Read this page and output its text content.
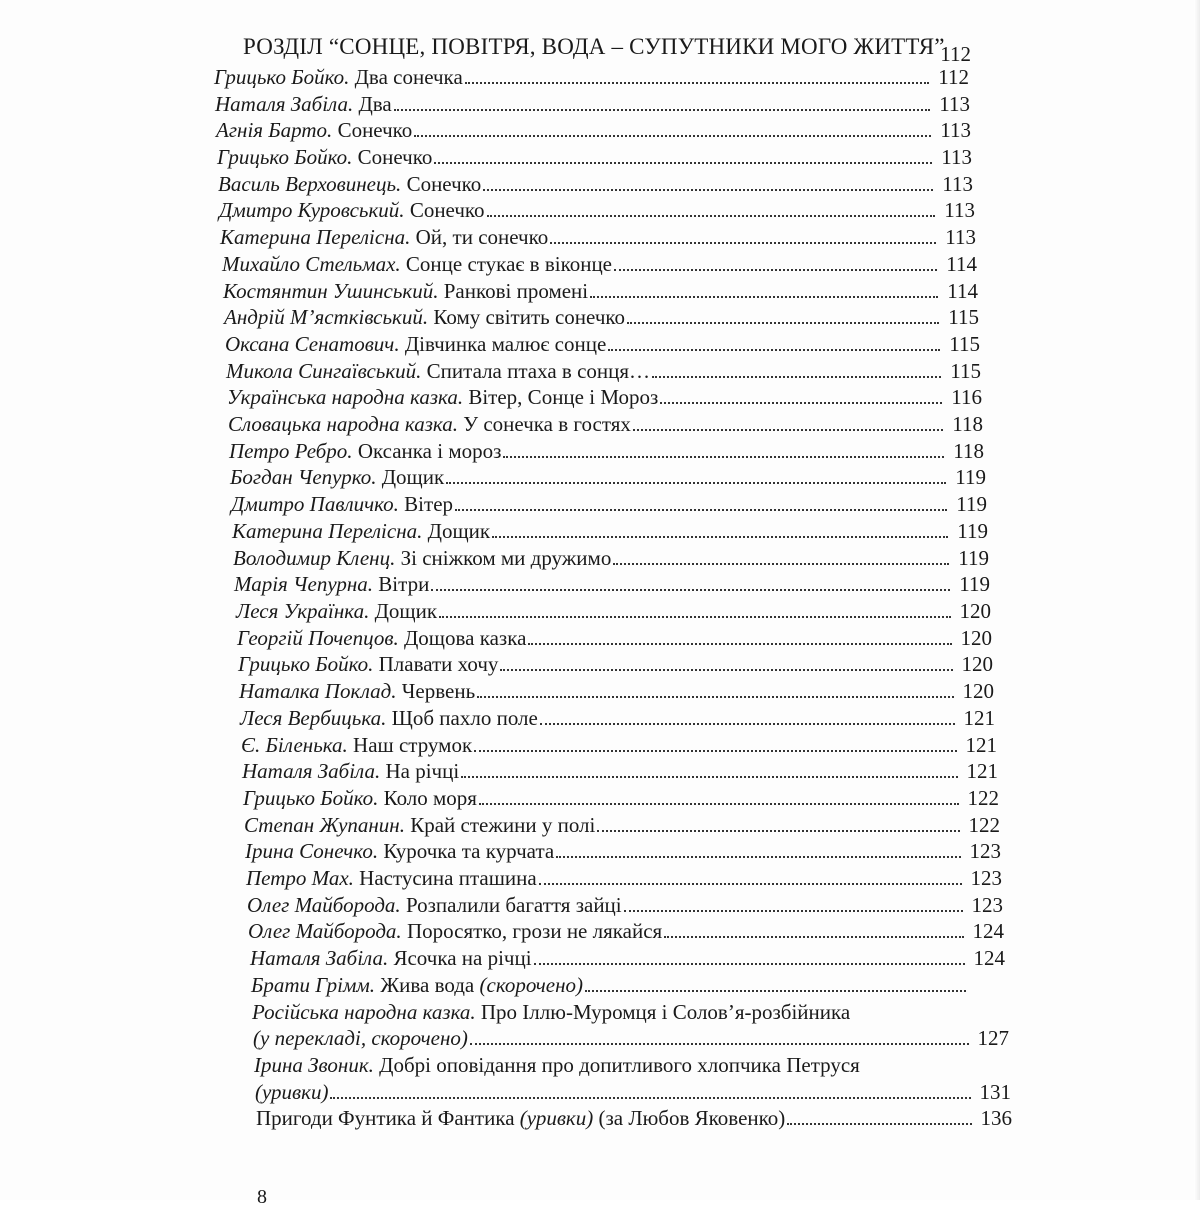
РОЗДІЛ “СОНЦЕ, ПОВІТРЯ, ВОДА – СУПУТНИКИ МОГО ЖИТТЯ”
112
Грицько Бойко. Два сонечка	112
Наталя Забіла. Два	113
Агнія Барто. Сонечко	113
Грицько Бойко. Сонечко	113
Василь Верховинець. Сонечко	113
Дмитро Куровський. Сонечко	113
Катерина Перелісна. Ой, ти сонечко	113
Михайло Стельмах. Сонце стукає в віконце	114
Костянтин Ушинський. Ранкові промені	114
Андрій М’ястківський. Кому світить сонечко	115
Оксана Сенатович. Дівчинка малює сонце	115
Микола Сингаївський. Спитала птаха в сонця…	115
Українська народна казка. Вітер, Сонце і Мороз	116
Словацька народна казка. У сонечка в гостях	118
Петро Ребро. Оксанка і мороз	118
Богдан Чепурко. Дощик	119
Дмитро Павличко. Вітер	119
Катерина Перелісна. Дощик	119
Володимир Кленц. Зі сніжком ми дружимо	119
Марія Чепурна. Вітри	119
Леся Українка. Дощик	120
Георгій Почепцов. Дощова казка	120
Грицько Бойко. Плавати хочу	120
Наталка Поклад. Червень	120
Леся Вербицька. Щоб пахло поле	121
Є. Біленька. Наш струмок	121
Наталя Забіла. На річці	121
Грицько Бойко. Коло моря	122
Степан Жупанин. Край стежини у полі	122
Ірина Сонечко. Курочка та курчата	123
Петро Мах. Настусина пташина	123
Олег Майборода. Розпалили багаття зайці	123
Олег Майборода. Поросятко, грози не лякайся	124
Наталя Забіла. Ясочка на річці	124
Брати Грімм. Жива вода (скорочено)
Російська народна казка. Про Іллю-Муромця і Солов’я-розбійника
(у перекладі, скорочено)	127
Ірина Звоник. Добрі оповідання про допитливого хлопчика Петруся
(уривки)	131
Пригоди Фунтика й Фантика (уривки) (за Любов Яковенко)	136
8
